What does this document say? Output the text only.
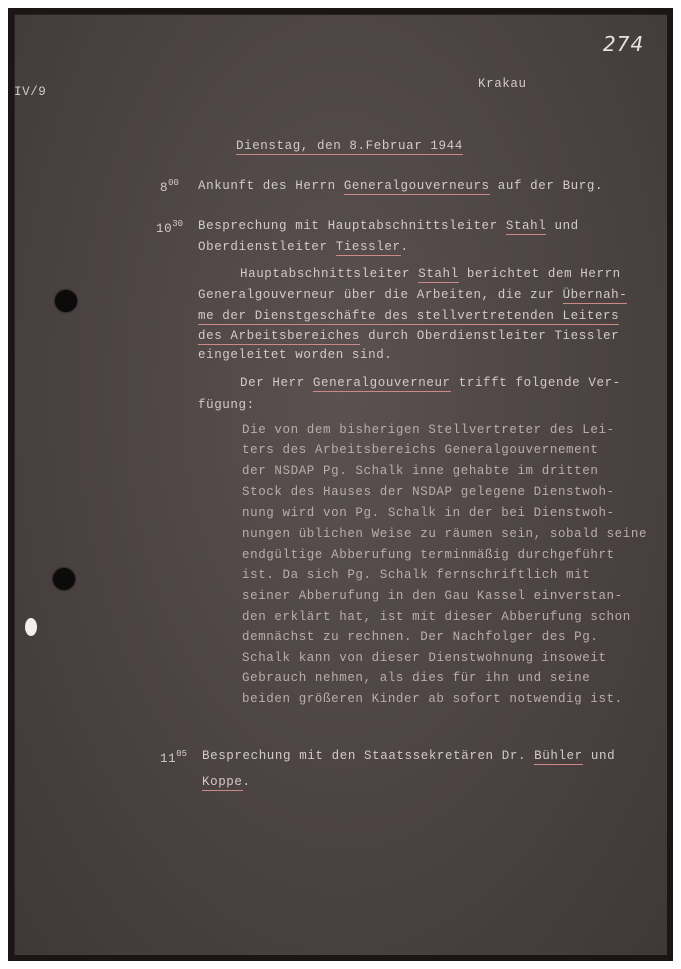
274
IV/9
Krakau
Dienstag, den 8.Februar 1944
$8^{00}$ Ankunft des Herrn Generalgouverneurs auf der Burg.
$10^{30}$ Besprechung mit Hauptabschnittsleiter Stahl und
Oberdienstleiter Tiessler.
Hauptabschnittsleiter Stahl berichtet dem Herrn
Generalgouverneur über die Arbeiten, die zur Übernah-
me der Dienstgeschäfte des stellvertretenden Leiters
des Arbeitsbereiches durch Oberdienstleiter Tiessler
eingeleitet worden sind.
Der Herr Generalgouverneur trifft folgende Ver-
fügung:
Die von dem bisherigen Stellvertreter des Lei-
ters des Arbeitsbereichs Generalgouvernement
der NSDAP Pg. Schalk inne gehabte im dritten
Stock des Hauses der NSDAP gelegene Dienstwoh-
nung wird von Pg. Schalk in der bei Dienstwoh-
nungen üblichen Weise zu räumen sein, sobald seine
endgültige Abberufung terminmäßig durchgeführt
ist. Da sich Pg. Schalk fernschriftlich mit
seiner Abberufung in den Gau Kassel einverstan-
den erklärt hat, ist mit dieser Abberufung schon
demnächst zu rechnen. Der Nachfolger des Pg.
Schalk kann von dieser Dienstwohnung insoweit
Gebrauch nehmen, als dies für ihn und seine
beiden größeren Kinder ab sofort notwendig ist.
$11^{05}$ Besprechung mit den Staatssekretären Dr. Bühler und
Koppe.
